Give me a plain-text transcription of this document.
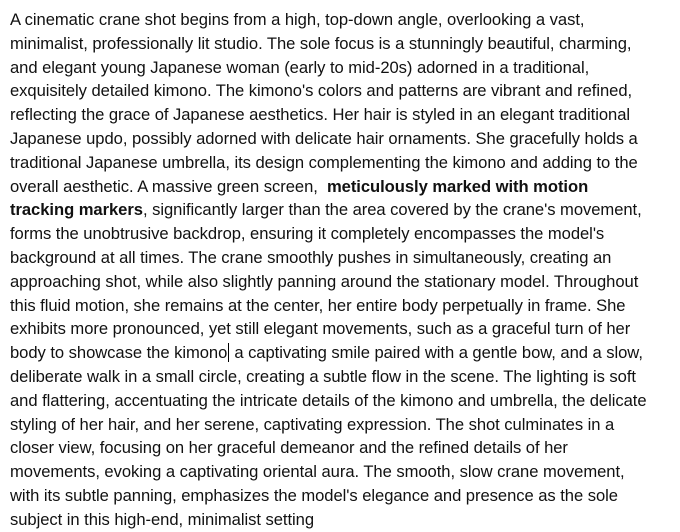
A cinematic crane shot begins from a high, top-down angle, overlooking a vast,
minimalist, professionally lit studio. The sole focus is a stunningly beautiful, charming,
and elegant young Japanese woman (early to mid-20s) adorned in a traditional,
exquisitely detailed kimono. The kimono's colors and patterns are vibrant and refined,
reflecting the grace of Japanese aesthetics. Her hair is styled in an elegant traditional
Japanese updo, possibly adorned with delicate hair ornaments. She gracefully holds a
traditional Japanese umbrella, its design complementing the kimono and adding to the
overall aesthetic. A massive green screen,  meticulously marked with motion
tracking markers, significantly larger than the area covered by the crane's movement,
forms the unobtrusive backdrop, ensuring it completely encompasses the model's
background at all times. The crane smoothly pushes in simultaneously, creating an
approaching shot, while also slightly panning around the stationary model. Throughout
this fluid motion, she remains at the center, her entire body perpetually in frame. She
exhibits more pronounced, yet still elegant movements, such as a graceful turn of her
body to showcase the kimono a captivating smile paired with a gentle bow, and a slow,
deliberate walk in a small circle, creating a subtle flow in the scene. The lighting is soft
and flattering, accentuating the intricate details of the kimono and umbrella, the delicate
styling of her hair, and her serene, captivating expression. The shot culminates in a
closer view, focusing on her graceful demeanor and the refined details of her
movements, evoking a captivating oriental aura. The smooth, slow crane movement,
with its subtle panning, emphasizes the model's elegance and presence as the sole
subject in this high-end, minimalist setting
